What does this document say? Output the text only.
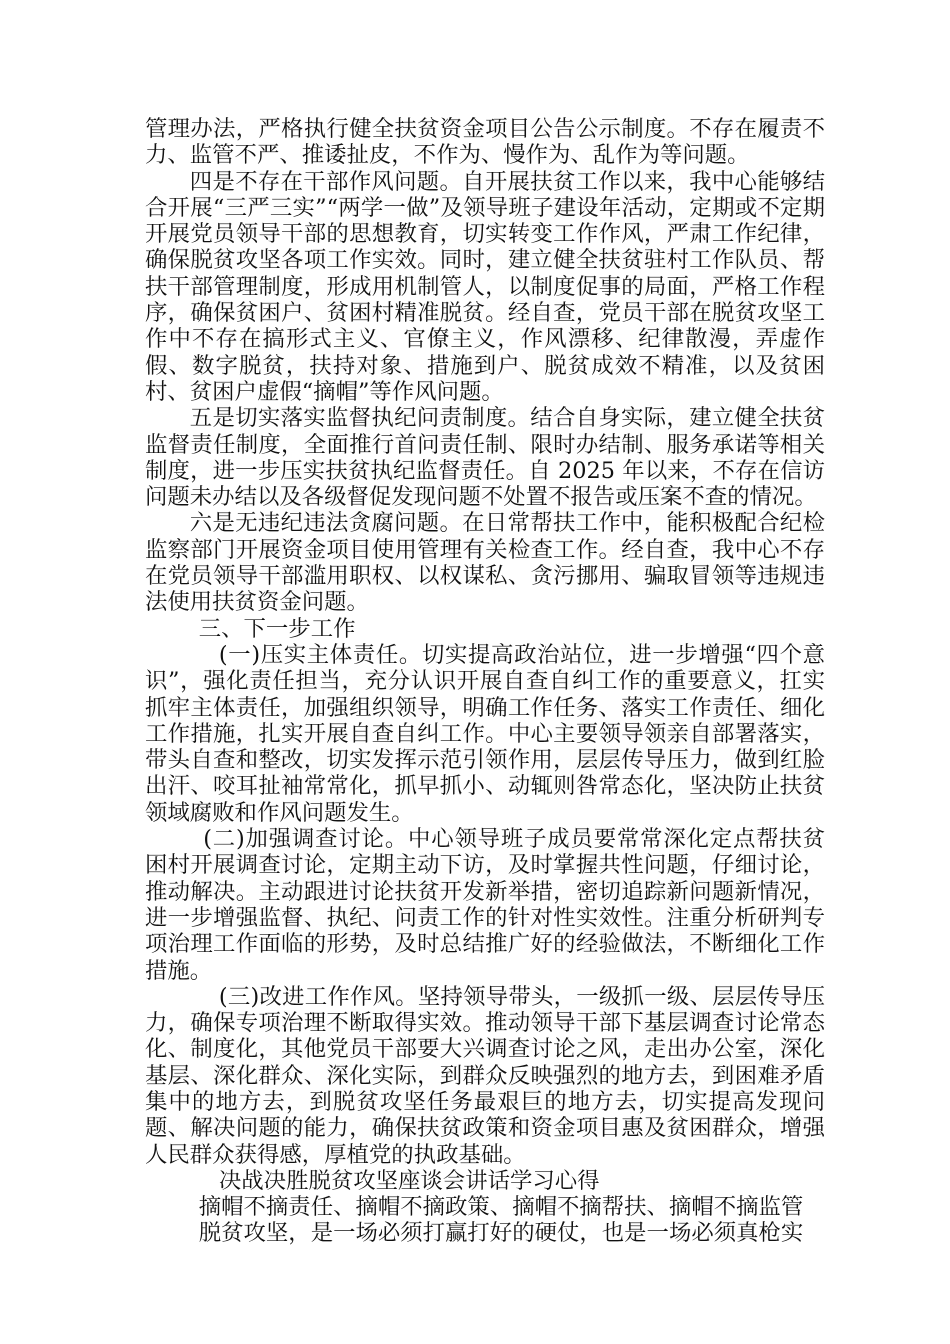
管理办法，严格执行健全扶贫资金项目公告公示制度。不存在履责不力、监管不严、推诿扯皮，不作为、慢作为、乱作为等问题。

四是不存在干部作风问题。自开展扶贫工作以来，我中心能够结合开展“三严三实”“两学一做”及领导班子建设年活动，定期或不定期开展党员领导干部的思想教育，切实转变工作作风，严肃工作纪律，确保脱贫攻坚各项工作实效。同时，建立健全扶贫驻村工作队员、帮扶干部管理制度，形成用机制管人，以制度促事的局面，严格工作程序，确保贫困户、贫困村精准脱贫。经自查，党员干部在脱贫攻坚工作中不存在搞形式主义、官僚主义，作风漂移、纪律散漫，弄虚作假、数字脱贫，扶持对象、措施到户、脱贫成效不精准，以及贫困村、贫困户虚假“摘帽”等作风问题。

五是切实落实监督执纪问责制度。结合自身实际，建立健全扶贫监督责任制度，全面推行首问责任制、限时办结制、服务承诺等相关制度，进一步压实扶贫执纪监督责任。自 2025 年以来，不存在信访问题未办结以及各级督促发现问题不处置不报告或压案不查的情况。

六是无违纪违法贪腐问题。在日常帮扶工作中，能积极配合纪检监察部门开展资金项目使用管理有关检查工作。经自查，我中心不存在党员领导干部滥用职权、以权谋私、贪污挪用、骗取冒领等违规违法使用扶贫资金问题。

三、下一步工作

(一)压实主体责任。切实提高政治站位，进一步增强“四个意识”，强化责任担当，充分认识开展自查自纠工作的重要意义，扛实抓牢主体责任，加强组织领导，明确工作任务、落实工作责任、细化工作措施，扎实开展自查自纠工作。中心主要领导领亲自部署落实，带头自查和整改，切实发挥示范引领作用，层层传导压力，做到红脸出汗、咬耳扯袖常常化，抓早抓小、动辄则咎常态化，坚决防止扶贫领域腐败和作风问题发生。

(二)加强调查讨论。中心领导班子成员要常常深化定点帮扶贫困村开展调查讨论，定期主动下访，及时掌握共性问题，仔细讨论，推动解决。主动跟进讨论扶贫开发新举措，密切追踪新问题新情况，进一步增强监督、执纪、问责工作的针对性实效性。注重分析研判专项治理工作面临的形势，及时总结推广好的经验做法，不断细化工作措施。

(三)改进工作作风。坚持领导带头，一级抓一级、层层传导压力，确保专项治理不断取得实效。推动领导干部下基层调查讨论常态化、制度化，其他党员干部要大兴调查讨论之风，走出办公室，深化基层、深化群众、深化实际，到群众反映强烈的地方去，到困难矛盾集中的地方去，到脱贫攻坚任务最艰巨的地方去，切实提高发现问题、解决问题的能力，确保扶贫政策和资金项目惠及贫困群众，增强人民群众获得感，厚植党的执政基础。

决战决胜脱贫攻坚座谈会讲话学习心得

摘帽不摘责任、摘帽不摘政策、摘帽不摘帮扶、摘帽不摘监管

脱贫攻坚，是一场必须打赢打好的硬仗，也是一场必须真枪实
